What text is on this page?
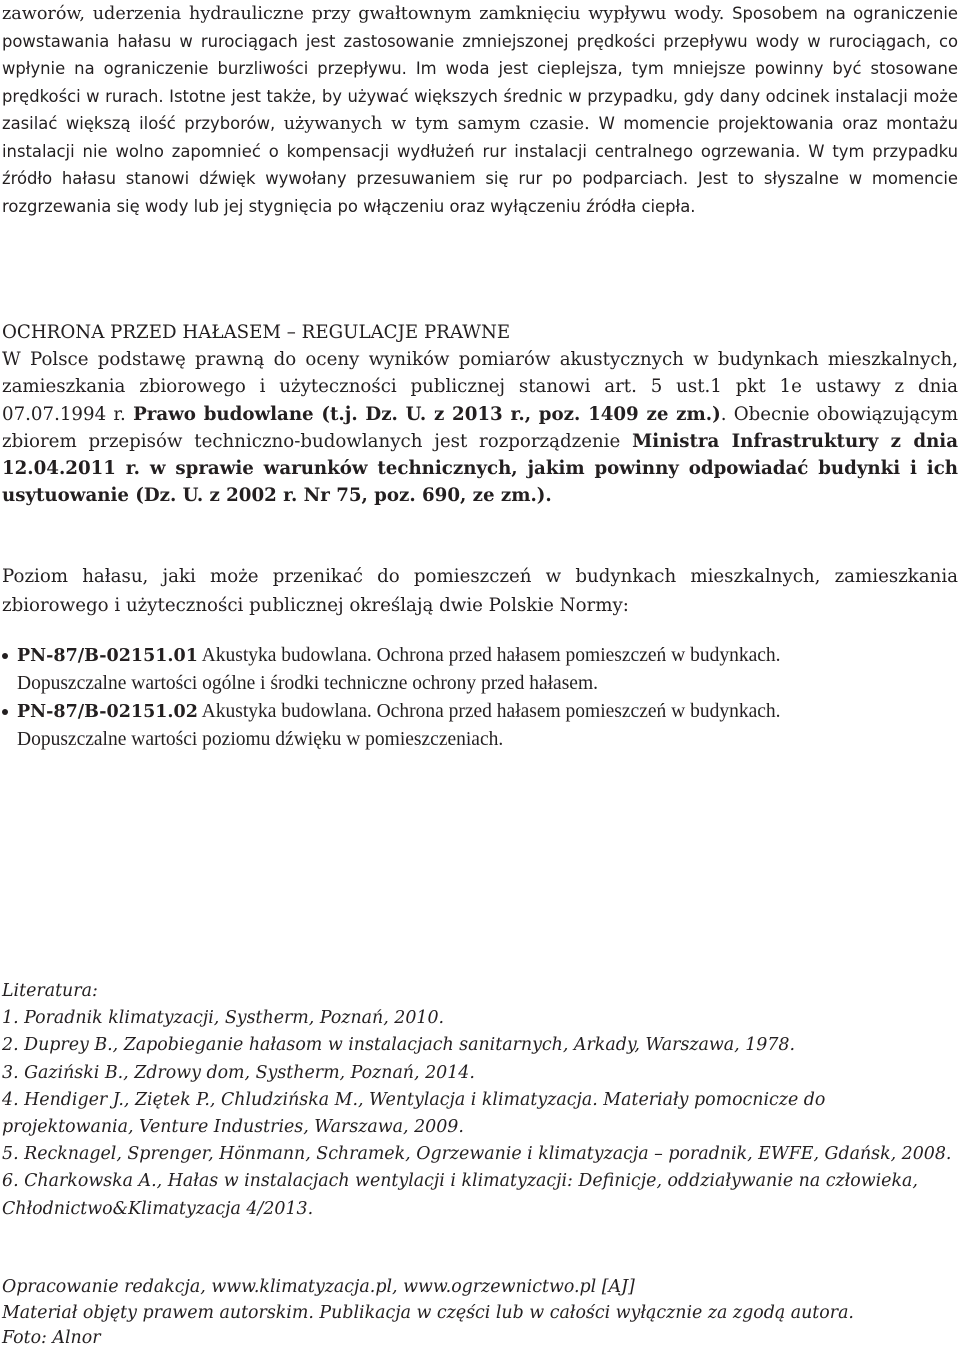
zaworów, uderzenia hydrauliczne przy gwałtownym zamknięciu wypływu wody. Sposobem na ograniczenie powstawania hałasu w rurociągach jest zastosowanie zmniejszonej prędkości przepływu wody w rurociągach, co wpłynie na ograniczenie burzliwości przepływu. Im woda jest cieplejsza, tym mniejsze powinny być stosowane prędkości w rurach. Istotne jest także, by używać większych średnic w przypadku, gdy dany odcinek instalacji może zasilać większą ilość przyborów, używanych w tym samym czasie. W momencie projektowania oraz montażu instalacji nie wolno zapomnieć o kompensacji wydłużeń rur instalacji centralnego ogrzewania. W tym przypadku źródło hałasu stanowi dźwięk wywołany przesuwaniem się rur po podparciach. Jest to słyszalne w momencie rozgrzewania się wody lub jej stygnięcia po włączeniu oraz wyłączeniu źródła ciepła.

OCHRONA PRZED HAŁASEM – REGULACJE PRAWNE
W Polsce podstawę prawną do oceny wyników pomiarów akustycznych w budynkach mieszkalnych, zamieszkania zbiorowego i użyteczności publicznej stanowi art. 5 ust.1 pkt 1e ustawy z dnia 07.07.1994 r. Prawo budowlane (t.j. Dz. U. z 2013 r., poz. 1409 ze zm.). Obecnie obowiązującym zbiorem przepisów techniczno-budowlanych jest rozporządzenie Ministra Infrastruktury z dnia 12.04.2011 r. w sprawie warunków technicznych, jakim powinny odpowiadać budynki i ich usytuowanie (Dz. U. z 2002 r. Nr 75, poz. 690, ze zm.).

Poziom hałasu, jaki może przenikać do pomieszczeń w budynkach mieszkalnych, zamieszkania zbiorowego i użyteczności publicznej określają dwie Polskie Normy:

PN-87/B-02151.01 Akustyka budowlana. Ochrona przed hałasem pomieszczeń w budynkach.
Dopuszczalne wartości ogólne i środki techniczne ochrony przed hałasem.
PN-87/B-02151.02 Akustyka budowlana. Ochrona przed hałasem pomieszczeń w budynkach.
Dopuszczalne wartości poziomu dźwięku w pomieszczeniach.
Literatura:
1. Poradnik klimatyzacji, Systherm, Poznań, 2010.
2. Duprey B., Zapobieganie hałasom w instalacjach sanitarnych, Arkady, Warszawa, 1978.
3. Gaziński B., Zdrowy dom, Systherm, Poznań, 2014.
4. Hendiger J., Ziętek P., Chludzińska M., Wentylacja i klimatyzacja. Materiały pomocnicze do projektowania, Venture Industries, Warszawa, 2009.
5. Recknagel, Sprenger, Hönmann, Schramek, Ogrzewanie i klimatyzacja – poradnik, EWFE, Gdańsk, 2008.
6. Charkowska A., Hałas w instalacjach wentylacji i klimatyzacji: Definicje, oddziaływanie na człowieka, Chłodnictwo&Klimatyzacja 4/2013.
Opracowanie redakcja, www.klimatyzacja.pl, www.ogrzewnictwo.pl [AJ]
Materiał objęty prawem autorskim. Publikacja w części lub w całości wyłącznie za zgodą autora.
Foto: Alnor
